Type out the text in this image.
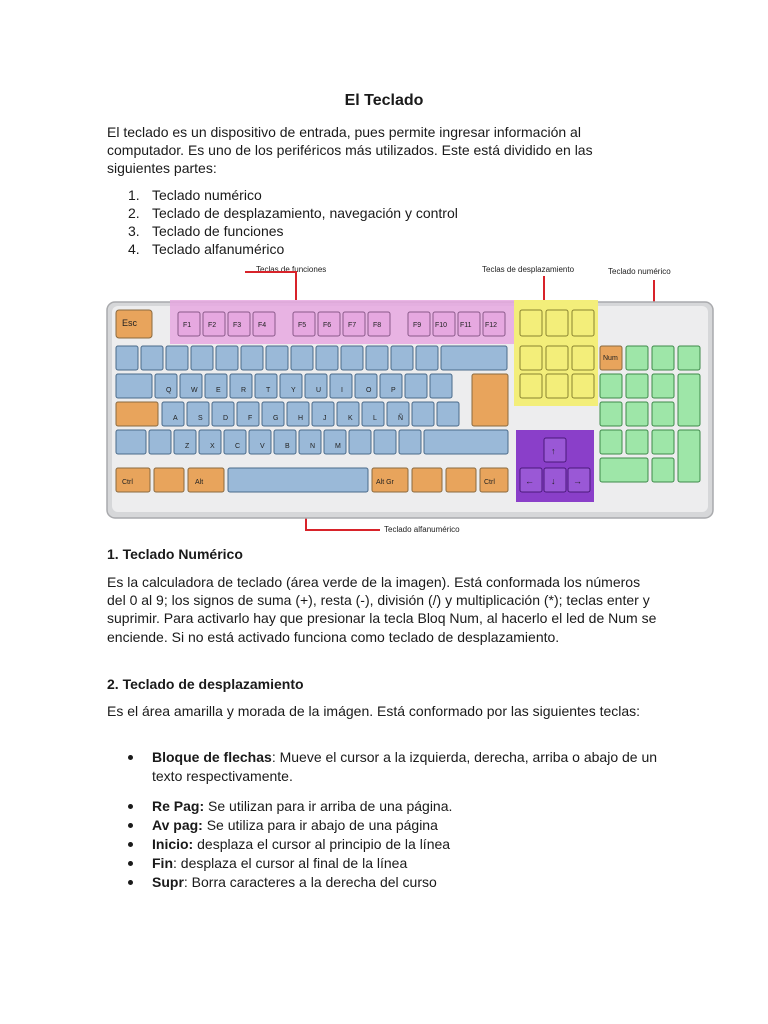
El Teclado

El teclado es un dispositivo de entrada, pues permite ingresar información al computador. Es uno de los periféricos más utilizados. Este está dividido en las siguientes partes:

1. Teclado numérico
2. Teclado de desplazamiento, navegación y control
3. Teclado de funciones
4. Teclado alfanumérico
Teclas de funciones	Teclas de desplazamiento	Teclado numérico
Teclado alfanumérico
Esc	F1 F2 F3 F4	F5 F6 F7 F8	F9 F10 F11 F12
↑
← ↓ →
Num
Q	W	E	R	T	Y	U	I	O	P
A	S	D	F	G	H	J	K	L	Ñ
Z	X	C	V	B	N	M
Ctrl	Alt	Alt Gr	Ctrl
1. Teclado Numérico

Es la calculadora de teclado (área verde de la imagen). Está conformada los números del 0 al 9; los signos de suma (+), resta (-), división (/) y multiplicación (*); teclas enter y suprimir. Para activarlo hay que presionar la tecla Bloq Num, al hacerlo el led de Num se enciende. Si no está activado funciona como teclado de desplazamiento.

2. Teclado de desplazamiento

Es el área amarilla y morada de la imágen. Está conformado por las siguientes teclas:

Bloque de flechas: Mueve el cursor a la izquierda, derecha, arriba o abajo de un texto respectivamente.
Re Pag: Se utilizan para ir arriba de una página.
Av pag: Se utiliza para ir abajo de una página
Inicio: desplaza el cursor al principio de la línea
Fin: desplaza el cursor al final de la línea
Supr: Borra caracteres a la derecha del curso
